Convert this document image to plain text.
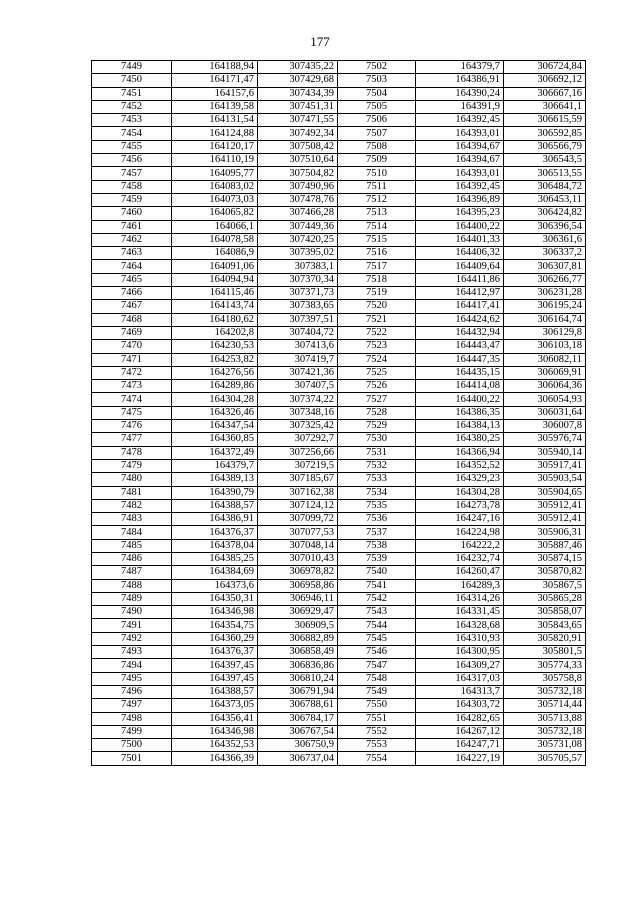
177
7449	164188,94	307435,22	7502	164379,7	306724,84
7450	164171,47	307429,68	7503	164386,91	306692,12
7451	164157,6	307434,39	7504	164390,24	306667,16
7452	164139,58	307451,31	7505	164391,9	306641,1
7453	164131,54	307471,55	7506	164392,45	306615,59
7454	164124,88	307492,34	7507	164393,01	306592,85
7455	164120,17	307508,42	7508	164394,67	306566,79
7456	164110,19	307510,64	7509	164394,67	306543,5
7457	164095,77	307504,82	7510	164393,01	306513,55
7458	164083,02	307490,96	7511	164392,45	306484,72
7459	164073,03	307478,76	7512	164396,89	306453,11
7460	164065,82	307466,28	7513	164395,23	306424,82
7461	164066,1	307449,36	7514	164400,22	306396,54
7462	164078,58	307420,25	7515	164401,33	306361,6
7463	164086,9	307395,02	7516	164406,32	306337,2
7464	164091,06	307383,1	7517	164409,64	306307,81
7465	164094,94	307370,34	7518	164411,86	306266,77
7466	164115,46	307371,73	7519	164412,97	306231,28
7467	164143,74	307383,65	7520	164417,41	306195,24
7468	164180,62	307397,51	7521	164424,62	306164,74
7469	164202,8	307404,72	7522	164432,94	306129,8
7470	164230,53	307413,6	7523	164443,47	306103,18
7471	164253,82	307419,7	7524	164447,35	306082,11
7472	164276,56	307421,36	7525	164435,15	306069,91
7473	164289,86	307407,5	7526	164414,08	306064,36
7474	164304,28	307374,22	7527	164400,22	306054,93
7475	164326,46	307348,16	7528	164386,35	306031,64
7476	164347,54	307325,42	7529	164384,13	306007,8
7477	164360,85	307292,7	7530	164380,25	305976,74
7478	164372,49	307256,66	7531	164366,94	305940,14
7479	164379,7	307219,5	7532	164352,52	305917,41
7480	164389,13	307185,67	7533	164329,23	305903,54
7481	164390,79	307162,38	7534	164304,28	305904,65
7482	164388,57	307124,12	7535	164273,78	305912,41
7483	164386,91	307099,72	7536	164247,16	305912,41
7484	164376,37	307077,53	7537	164224,98	305906,31
7485	164378,04	307048,14	7538	164222,2	305887,46
7486	164385,25	307010,43	7539	164232,74	305874,15
7487	164384,69	306978,82	7540	164260,47	305870,82
7488	164373,6	306958,86	7541	164289,3	305867,5
7489	164350,31	306946,11	7542	164314,26	305865,28
7490	164346,98	306929,47	7543	164331,45	305858,07
7491	164354,75	306909,5	7544	164328,68	305843,65
7492	164360,29	306882,89	7545	164310,93	305820,91
7493	164376,37	306858,49	7546	164300,95	305801,5
7494	164397,45	306836,86	7547	164309,27	305774,33
7495	164397,45	306810,24	7548	164317,03	305758,8
7496	164388,57	306791,94	7549	164313,7	305732,18
7497	164373,05	306788,61	7550	164303,72	305714,44
7498	164356,41	306784,17	7551	164282,65	305713,88
7499	164346,98	306767,54	7552	164267,12	305732,18
7500	164352,53	306750,9	7553	164247,71	305731,08
7501	164366,39	306737,04	7554	164227,19	305705,57
